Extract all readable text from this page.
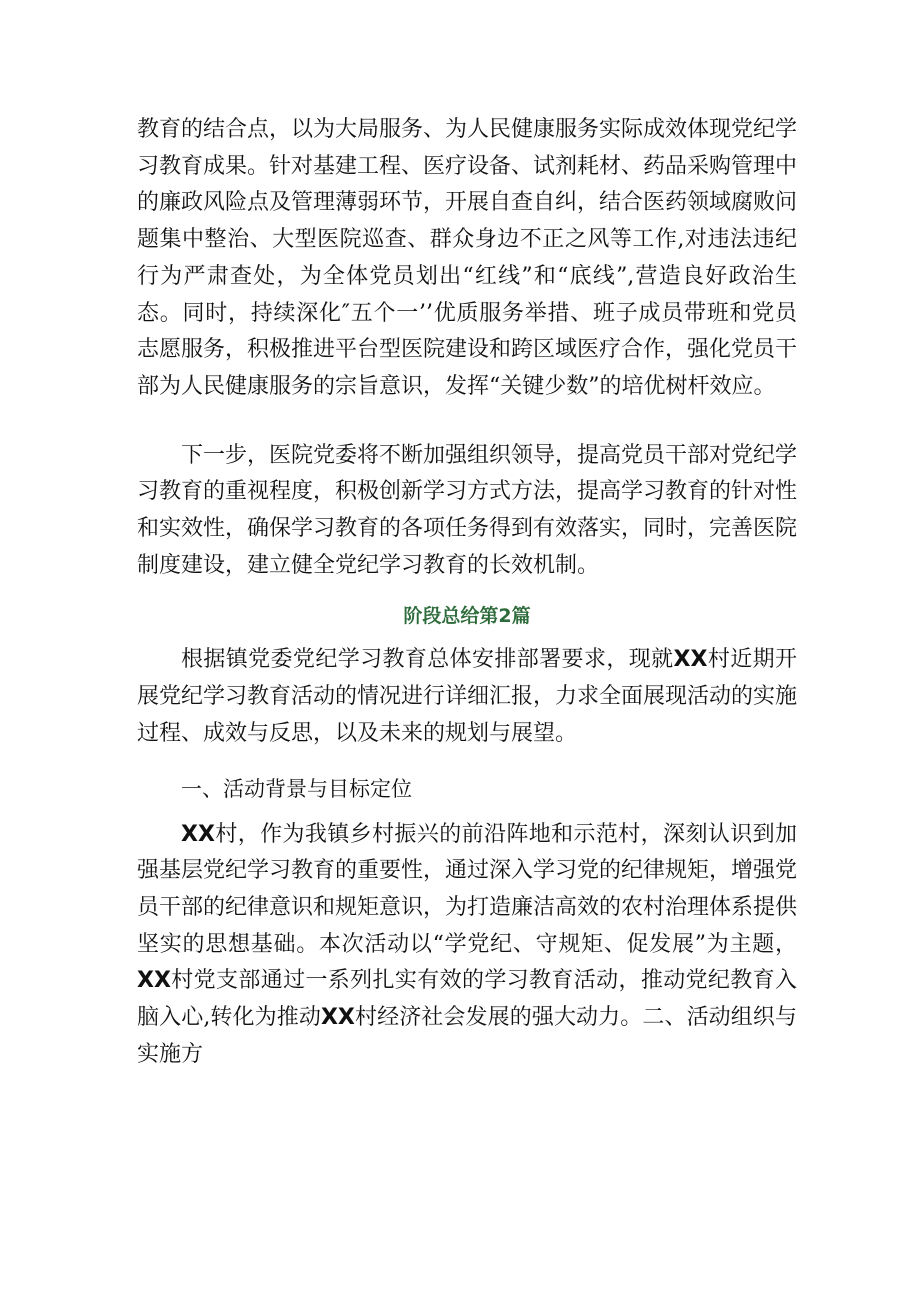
教育的结合点，以为大局服务、为人民健康服务实际成效体现党纪学习教育成果。针对基建工程、医疗设备、试剂耗材、药品采购管理中的廉政风险点及管理薄弱环节，开展自查自纠，结合医药领域腐败问题集中整治、大型医院巡查、群众身边不正之风等工作,对违法违纪行为严肃查处，为全体党员划出“红线”和“底线”,营造良好政治生态。同时，持续深化″五个一’’优质服务举措、班子成员带班和党员志愿服务，积极推进平台型医院建设和跨区域医疗合作，强化党员干部为人民健康服务的宗旨意识，发挥“关键少数”的培优树杆效应。

下一步，医院党委将不断加强组织领导，提高党员干部对党纪学习教育的重视程度，积极创新学习方式方法，提高学习教育的针对性和实效性，确保学习教育的各项任务得到有效落实，同时，完善医院制度建设，建立健全党纪学习教育的长效机制。

阶段总给第2篇

根据镇党委党纪学习教育总体安排部署要求，现就XX村近期开展党纪学习教育活动的情况进行详细汇报，力求全面展现活动的实施过程、成效与反思，以及未来的规划与展望。

一、活动背景与目标定位

XX村，作为我镇乡村振兴的前沿阵地和示范村，深刻认识到加强基层党纪学习教育的重要性，通过深入学习党的纪律规矩，增强党员干部的纪律意识和规矩意识，为打造廉洁高效的农村治理体系提供坚实的思想基础。本次活动以“学党纪、守规矩、促发展”为主题，XX村党支部通过一系列扎实有效的学习教育活动，推动党纪教育入脑入心,转化为推动XX村经济社会发展的强大动力。二、活动组织与实施方
